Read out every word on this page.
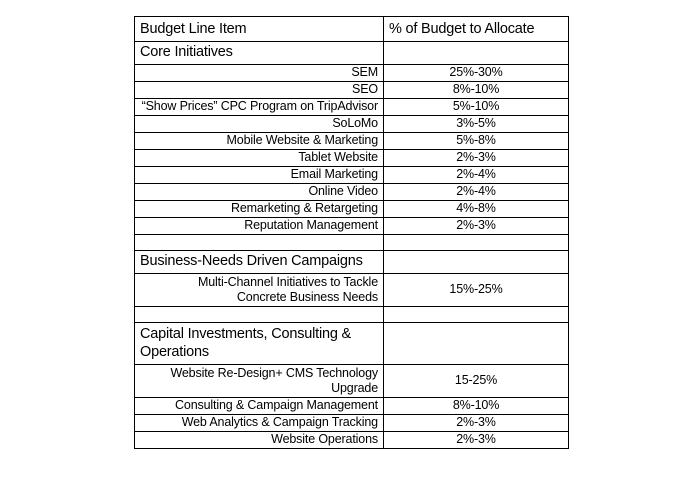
Budget Line Item	% of Budget to Allocate
Core Initiatives	
SEM	25%-30%
SEO	8%-10%
“Show Prices” CPC Program on TripAdvisor	5%-10%
SoLoMo	3%-5%
Mobile Website & Marketing	5%-8%
Tablet Website	2%-3%
Email Marketing	2%-4%
Online Video	2%-4%
Remarketing & Retargeting	4%-8%
Reputation Management	2%-3%

Business-Needs Driven Campaigns	

Multi-Channel Initiatives to Tackle
Concrete Business Needs	15%-25%

Capital Investments, Consulting & Operations	

Website Re-Design+ CMS Technology
Upgrade	15-25%
Consulting & Campaign Management	8%-10%
Web Analytics & Campaign Tracking	2%-3%
Website Operations	2%-3%
